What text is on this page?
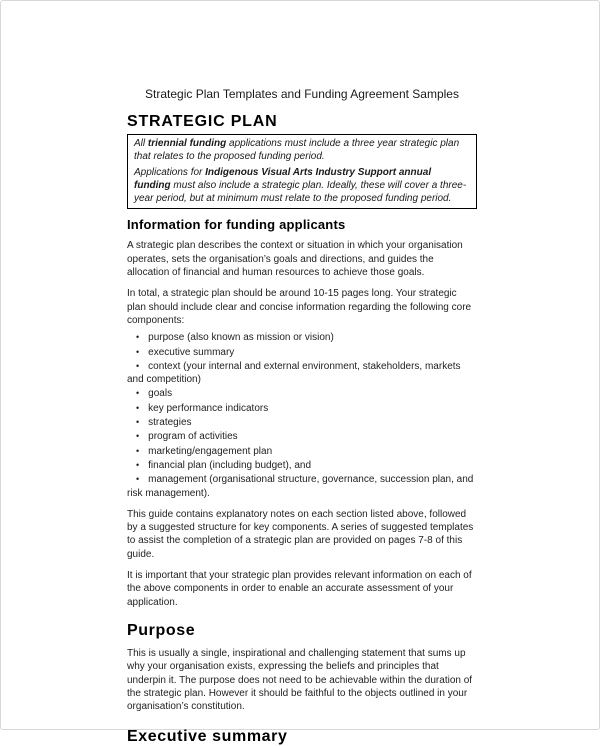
Strategic Plan Templates and Funding Agreement Samples
STRATEGIC PLAN

All triennial funding applications must include a three year strategic plan that relates to the proposed funding period.

Applications for Indigenous Visual Arts Industry Support annual funding must also include a strategic plan. Ideally, these will cover a three-year period, but at minimum must relate to the proposed funding period.

Information for funding applicants

A strategic plan describes the context or situation in which your organisation operates, sets the organisation’s goals and directions, and guides the allocation of financial and human resources to achieve those goals.

In total, a strategic plan should be around 10-15 pages long. Your strategic plan should include clear and concise information regarding the following core components:

• purpose (also known as mission or vision)
• executive summary
• context (your internal and external environment, stakeholders, markets and competition)
• goals
• key performance indicators
• strategies
• program of activities
• marketing/engagement plan
• financial plan (including budget), and
• management (organisational structure, governance, succession plan, and risk management).

This guide contains explanatory notes on each section listed above, followed by a suggested structure for key components. A series of suggested templates to assist the completion of a strategic plan are provided on pages 7-8 of this guide.

It is important that your strategic plan provides relevant information on each of the above components in order to enable an accurate assessment of your application.

Purpose

This is usually a single, inspirational and challenging statement that sums up why your organisation exists, expressing the beliefs and principles that underpin it. The purpose does not need to be achievable within the duration of the strategic plan. However it should be faithful to the objects outlined in your organisation’s constitution.

Executive summary
